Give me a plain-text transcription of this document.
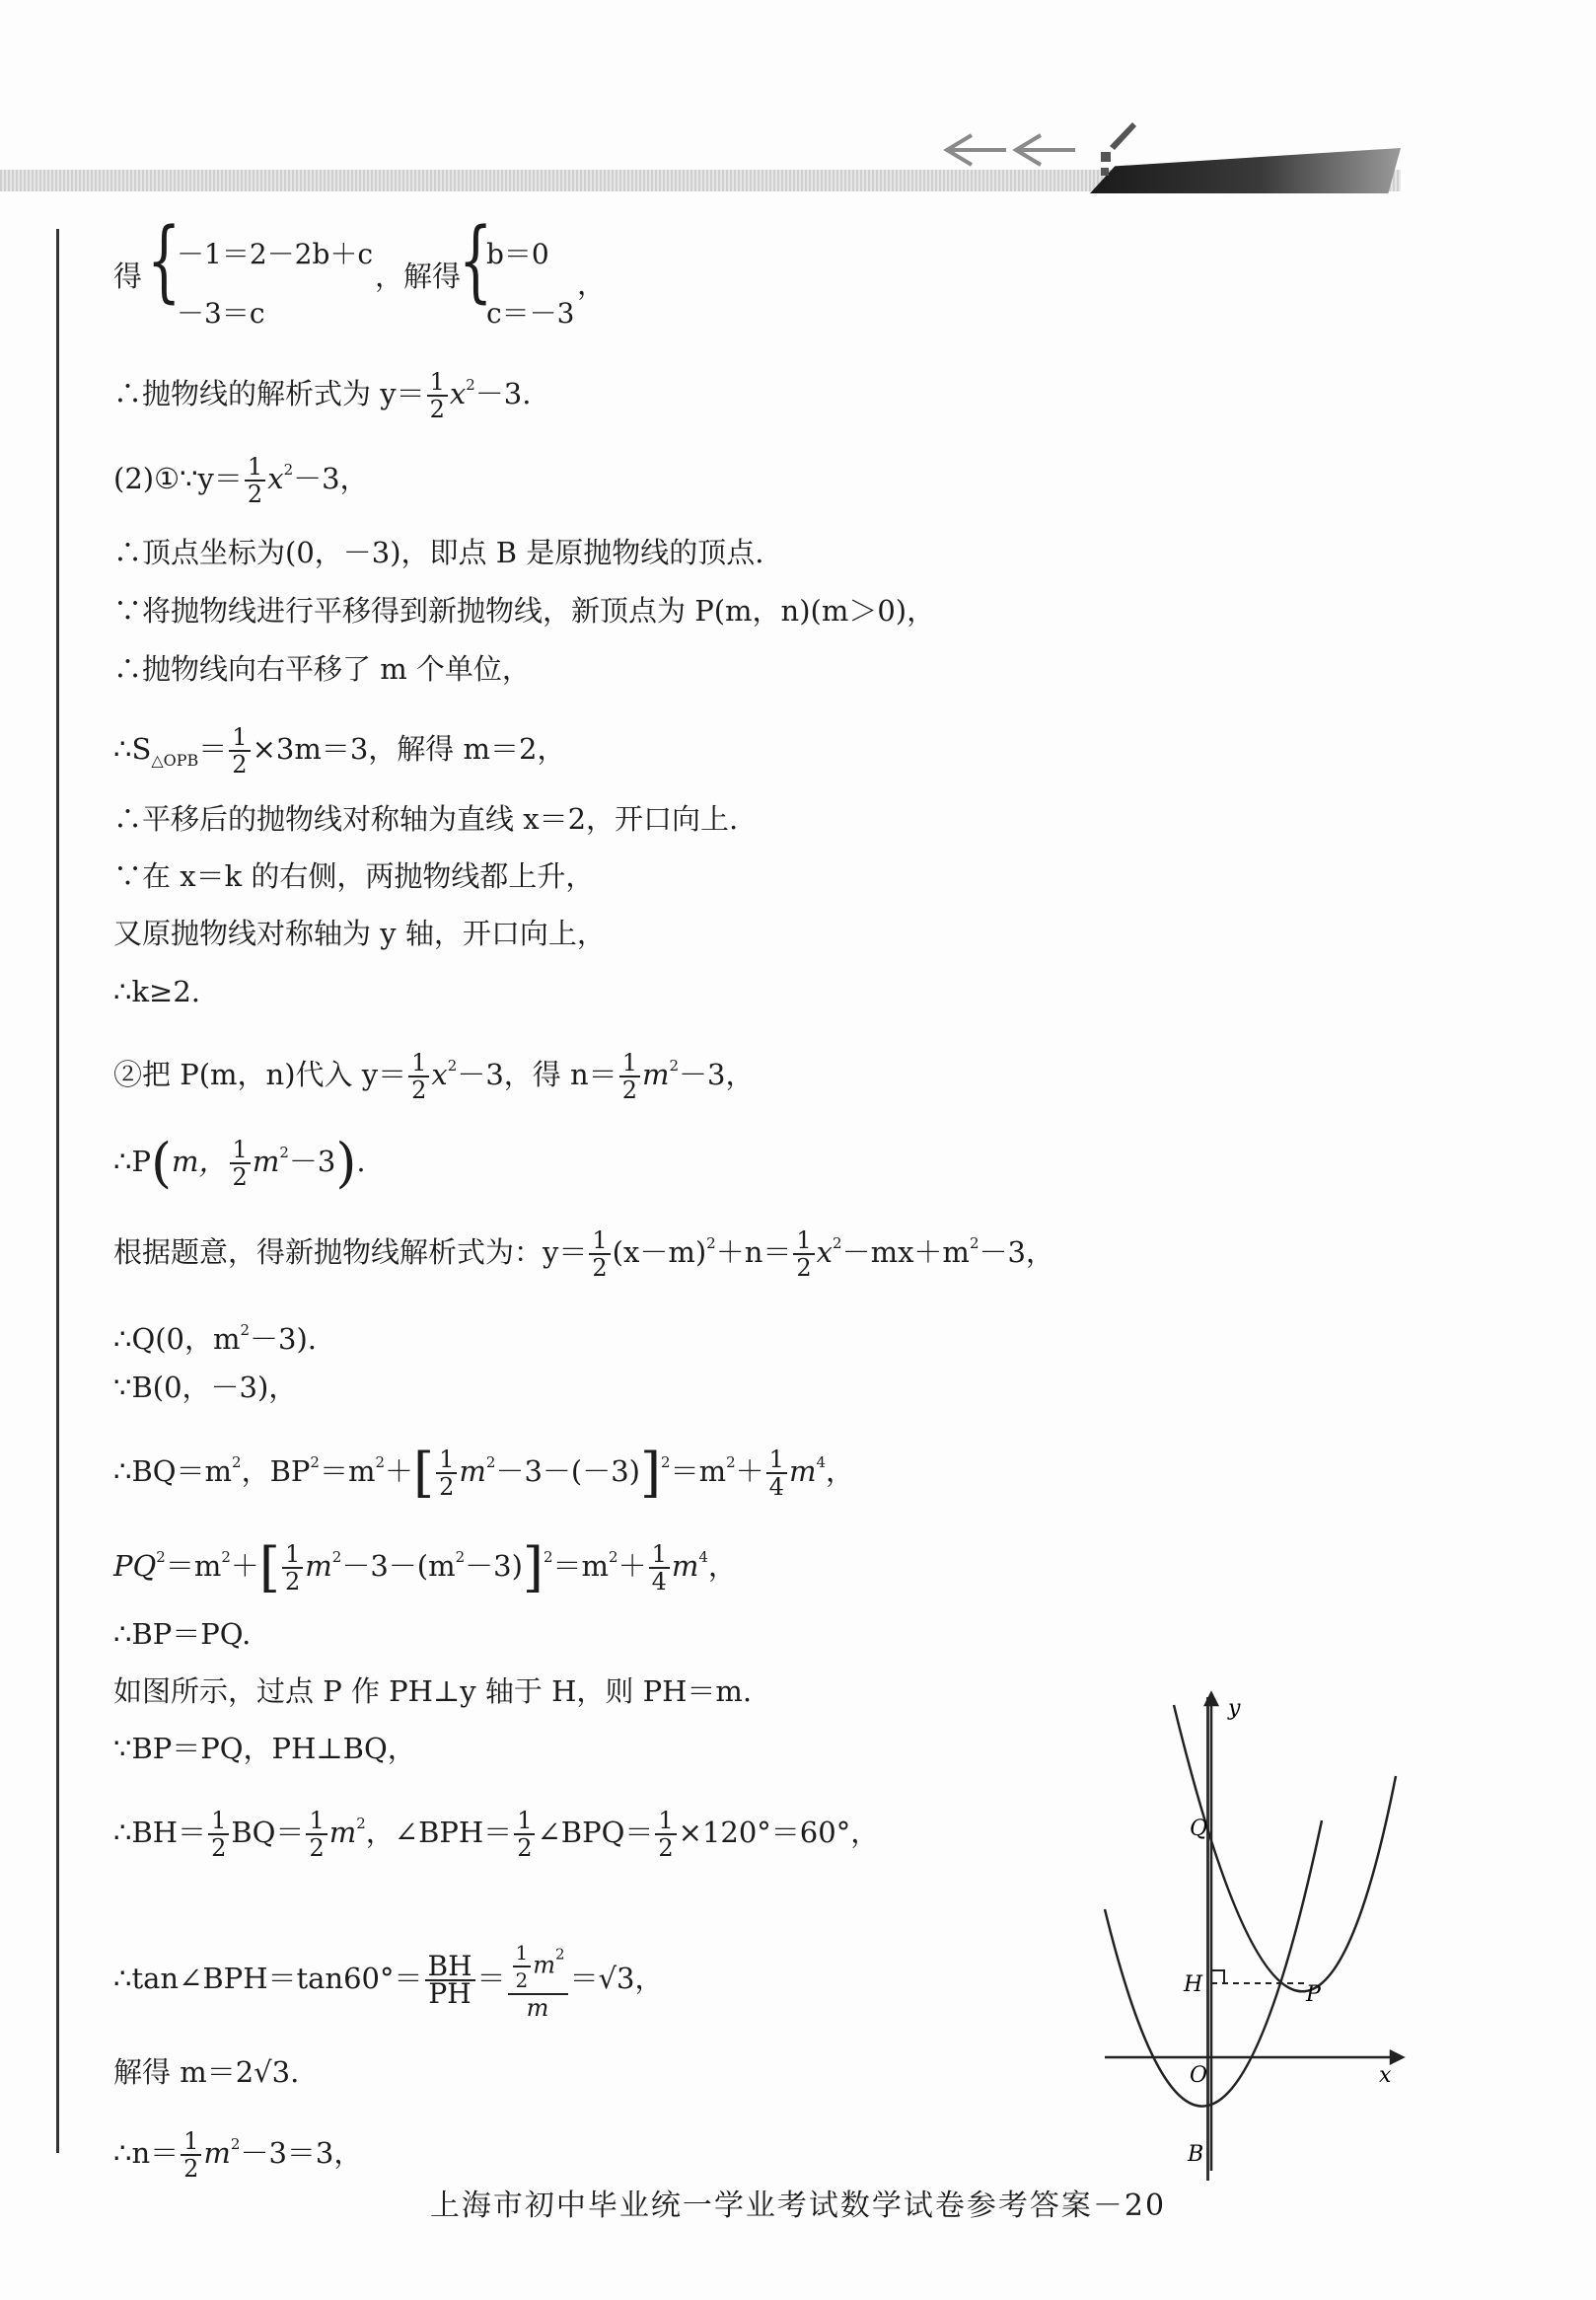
得 {
－1＝2－2b＋c
－3＝c
，解得
{
b＝0
c＝－3
，
∴抛物线的解析式为 $y= \frac{1}{2} x^2-3$.
(2)①∵y＝ $\frac{1}{2} x^2-3$，
∴顶点坐标为(0，－3)，即点 B 是原抛物线的顶点.
∵将抛物线进行平移得到新抛物线，新顶点为 P(m，n)(m＞0)，
∴抛物线向右平移了 m 个单位，
$\therefore S_{\triangle OPB}= \frac{1}{2} \times 3m=3$，解得 m＝2，
∴平移后的抛物线对称轴为直线 x＝2，开口向上.
∵在 x＝k 的右侧，两抛物线都上升，
又原抛物线对称轴为 y 轴，开口向上，
∴k≥2.
②把 P(m，n)代入 $y= \frac{1}{2} x^2-3$，得 $n= \frac{1}{2} m^2-3$，
∴P(m， $\frac{1}{2} m^2-3$).
根据题意，得新抛物线解析式为：$y= \frac{1}{2} (x-m)^2+n= \frac{1}{2} x^2-mx+m^2-3$，
∴Q(0，$m^2-3$).
∵B(0，－3)，
$\therefore BQ=m^2$，$BP^2=m^2+[ \frac{1}{2} m^2-3-(-3)]^2=m^2+ \frac{1}{4} m^4$，
$PQ^2=m^2+[ \frac{1}{2} m^2-3-(m^2-3)]^2=m^2+ \frac{1}{4} m^4$，
∴BP＝PQ.
如图所示，过点 P 作 PH⊥y 轴于 H，则 PH＝m.
∵BP＝PQ，PH⊥BQ，
∴BH＝ $\frac{1}{2} BQ= \frac{1}{2} m^2$，∠BPH＝ $\frac{1}{2}$ ∠BPQ＝ $\frac{1}{2} \times 120^\circ=60^\circ$，
∴tan∠BPH＝tan60°＝ $\frac{BH}{PH} = \frac{\frac{1}{2} m^2}{m} =√3$，
解得 m＝2√3.
∴n＝ $\frac{1}{2} m^2-3=3$，
y
x
O
Q
H	P
B
上海市初中毕业统一学业考试数学试卷参考答案－20
